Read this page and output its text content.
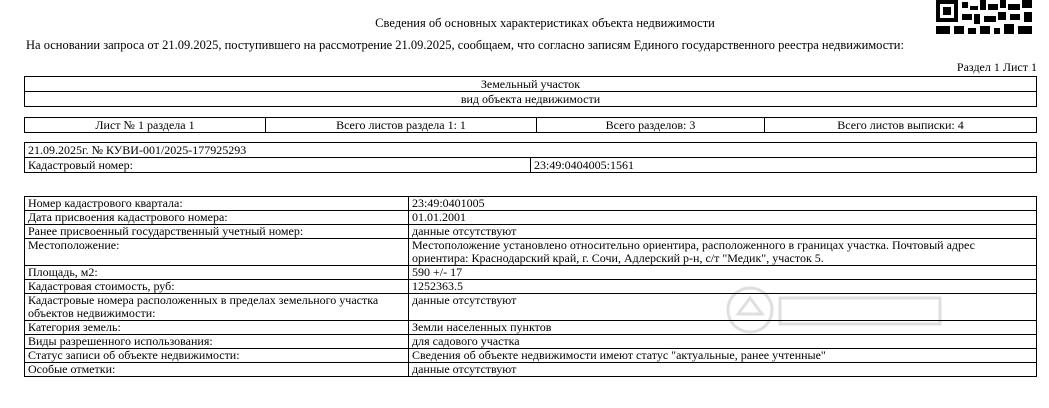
Сведения об основных характеристиках объекта недвижимости
На основании запроса от 21.09.2025, поступившего на рассмотрение 21.09.2025, сообщаем, что согласно записям Единого государственного реестра недвижимости:
Раздел 1 Лист 1
Земельный участок
вид объекта недвижимости
Лист № 1 раздела 1	Всего листов раздела 1: 1	Всего разделов: 3	Всего листов выписки: 4
21.09.2025г. № КУВИ-001/2025-177925293
Кадастровый номер:	23:49:0404005:1561
Номер кадастрового квартала:	23:49:0401005
Дата присвоения кадастрового номера:	01.01.2001
Ранее присвоенный государственный учетный номер:	данные отсутствуют
Местоположение:	Местоположение установлено относительно ориентира, расположенного в границах участка. Почтовый адрес ориентира: Краснодарский край, г. Сочи, Адлерский р-н, с/т "Медик", участок 5.
Площадь, м2:	590 +/- 17
Кадастровая стоимость, руб:	1252363.5
Кадастровые номера расположенных в пределах земельного участка объектов недвижимости:	данные отсутствуют
Категория земель:	Земли населенных пунктов
Виды разрешенного использования:	для садового участка
Статус записи об объекте недвижимости:	Сведения об объекте недвижимости имеют статус "актуальные, ранее учтенные"
Особые отметки:	данные отсутствуют
